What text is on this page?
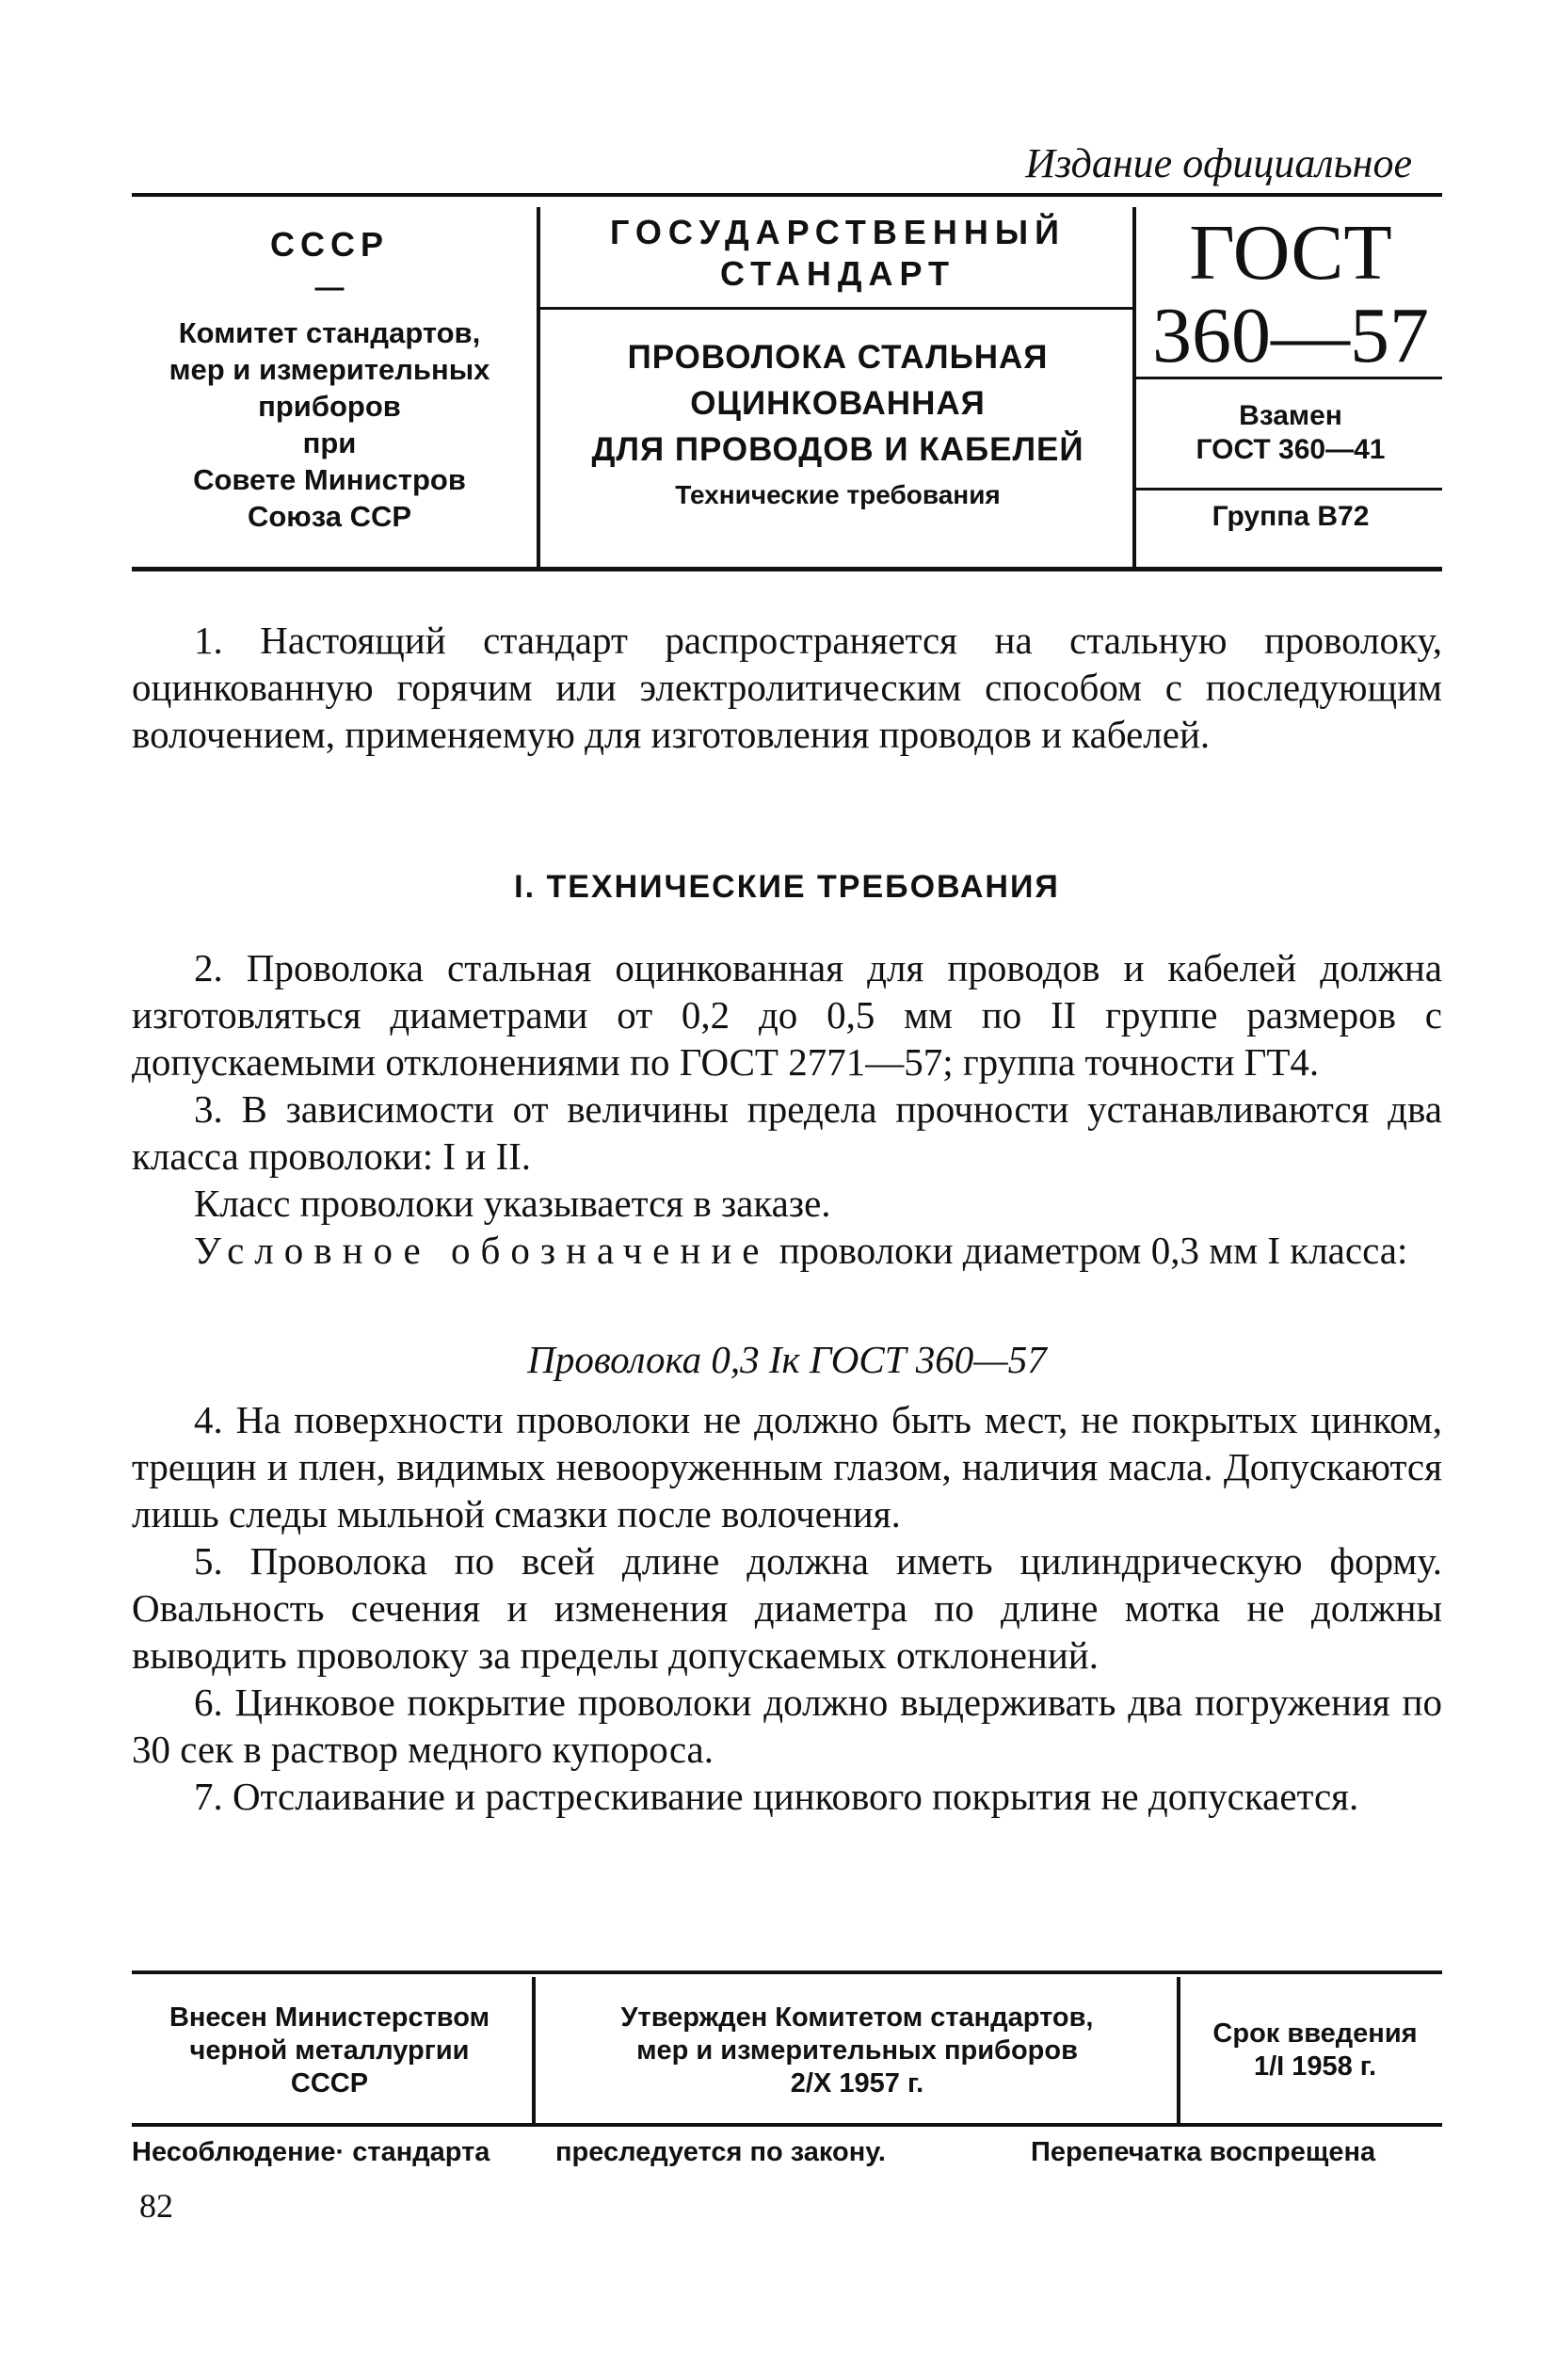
Издание официальное
СССР
—
Комитет стандартов,
мер и измерительных
приборов
при
Совете Министров
Союза ССР
ГОСУДАРСТВЕННЫЙ
СТАНДАРТ
ПРОВОЛОКА СТАЛЬНАЯ
ОЦИНКОВАННАЯ
ДЛЯ ПРОВОДОВ И КАБЕЛЕЙ
Технические требования
ГОСТ
360—57
Взамен
ГОСТ 360—41
Группа В72

1. Настоящий стандарт распространяется на стальную проволоку, оцинкованную горячим или электролитическим способом с последующим волочением, применяемую для изготовления проводов и кабелей.

I. ТЕХНИЧЕСКИЕ ТРЕБОВАНИЯ

2. Проволока стальная оцинкованная для проводов и кабелей должна изготовляться диаметрами от 0,2 до 0,5 мм по II группе размеров с допускаемыми отклонениями по ГОСТ 2771—57; группа точности ГТ4.

3. В зависимости от величины предела прочности устанавливаются два класса проволоки: I и II.

Класс проволоки указывается в заказе.

Условное обозначение проволоки диаметром 0,3 мм I класса:

Проволока 0,3 Iк ГОСТ 360—57

4. На поверхности проволоки не должно быть мест, не покрытых цинком, трещин и плен, видимых невооруженным глазом, наличия масла. Допускаются лишь следы мыльной смазки после волочения.

5. Проволока по всей длине должна иметь цилиндрическую форму. Овальность сечения и изменения диаметра по длине мотка не должны выводить проволоку за пределы допускаемых отклонений.

6. Цинковое покрытие проволоки должно выдерживать два погружения по 30 сек в раствор медного купороса.

7. Отслаивание и растрескивание цинкового покрытия не допускается.

Внесен Министерством
черной металлургии
СССР
Утвержден Комитетом стандартов,
мер и измерительных приборов
2/X 1957 г.
Срок введения
1/I 1958 г.
Несоблюдение· стандарта преследуется по закону.	Перепечатка воспрещена
82
